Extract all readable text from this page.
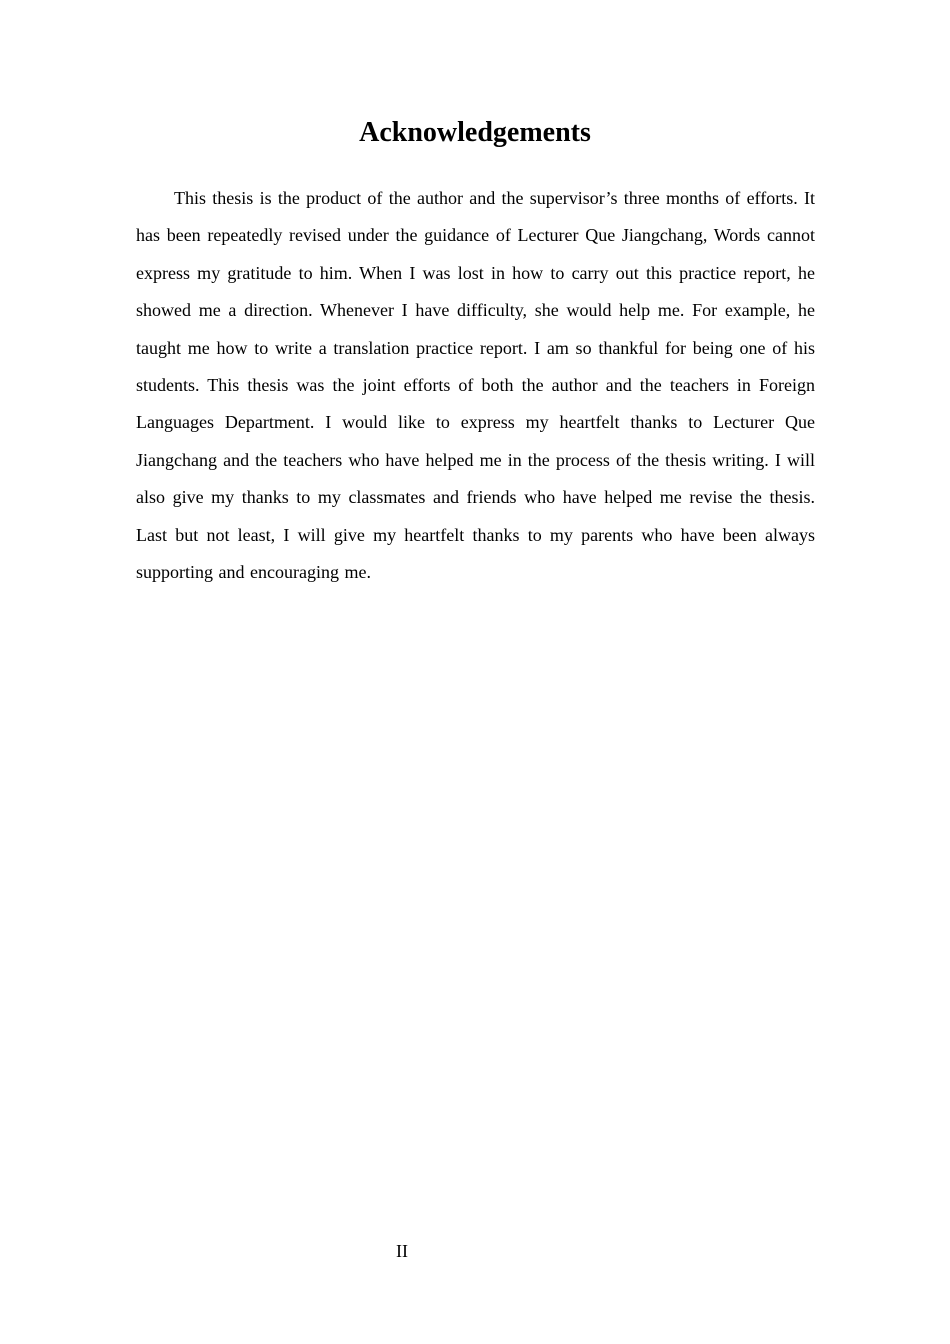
Acknowledgements

This thesis is the product of the author and the supervisor’s three months of efforts. It has been repeatedly revised under the guidance of Lecturer Que Jiangchang, Words cannot express my gratitude to him. When I was lost in how to carry out this practice report, he showed me a direction. Whenever I have difficulty, she would help me. For example, he taught me how to write a translation practice report. I am so thankful for being one of his students. This thesis was the joint efforts of both the author and the teachers in Foreign Languages Department. I would like to express my heartfelt thanks to Lecturer Que Jiangchang and the teachers who have helped me in the process of the thesis writing. I will also give my thanks to my classmates and friends who have helped me revise the thesis. Last but not least, I will give my heartfelt thanks to my parents who have been always supporting and encouraging me.

II
